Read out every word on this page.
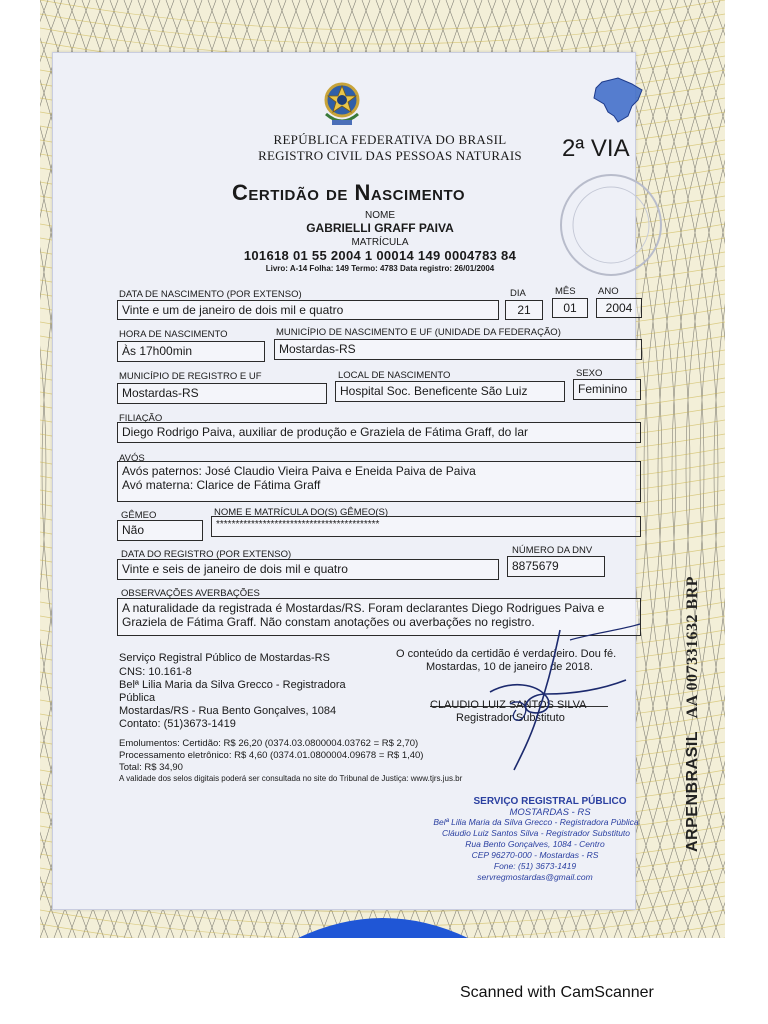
REPÚBLICA FEDERATIVA DO BRASIL
REGISTRO CIVIL DAS PESSOAS NATURAIS	2ª VIA
Certidão de Nascimento
NOME
GABRIELLI GRAFF PAIVA
MATRÍCULA
101618 01 55 2004 1 00014 149 0004783 84
Livro: A-14 Folha: 149 Termo: 4783 Data registro: 26/01/2004
DATA DE NASCIMENTO (POR EXTENSO)
Vinte e um de janeiro de dois mil e quatro
DIA
21
MÊS
01
ANO
2004
HORA DE NASCIMENTO
Às 17h00min
MUNICÍPIO DE NASCIMENTO E UF (UNIDADE DA FEDERAÇÃO)
Mostardas-RS
MUNICÍPIO DE REGISTRO E UF
Mostardas-RS
LOCAL DE NASCIMENTO
Hospital Soc. Beneficente São Luiz
SEXO
Feminino
FILIAÇÃO
Diego Rodrigo Paiva, auxiliar de produção e Graziela de Fátima Graff, do lar
AVÓS
Avós paternos: José Claudio Vieira Paiva e Eneida Paiva de Paiva
Avó materna: Clarice de Fátima Graff
GÊMEO
Não
NOME E MATRÍCULA DO(S) GÊMEO(S)
******************************************
DATA DO REGISTRO (POR EXTENSO)
Vinte e seis de janeiro de dois mil e quatro
NÚMERO DA DNV
8875679
OBSERVAÇÕES AVERBAÇÕES
A naturalidade da registrada é Mostardas/RS. Foram declarantes Diego Rodrigues Paiva e
Graziela de Fátima Graff. Não constam anotações ou averbações no registro.
Serviço Registral Público de Mostardas-RS
CNS: 10.161-8
Belª Lilia Maria da Silva Grecco - Registradora
Pública
Mostardas/RS - Rua Bento Gonçalves, 1084
Contato: (51)3673-1419
O conteúdo da certidão é verdadeiro. Dou fé.
Mostardas, 10 de janeiro de 2018.
CLAUDIO LUIZ SANTOS SILVA
Registrador Substituto
Emolumentos: Certidão: R$ 26,20 (0374.03.0800004.03762 = R$ 2,70)
Processamento eletrônico: R$ 4,60 (0374.01.0800004.09678 = R$ 1,40)
Total: R$ 34,90
A validade dos selos digitais poderá ser consultada no site do Tribunal de Justiça: www.tjrs.jus.br
SERVIÇO REGISTRAL PÚBLICO
MOSTARDAS - RS
Belª Lilia Maria da Silva Grecco - Registradora Pública
Cláudio Luiz Santos Silva - Registrador Substituto
Rua Bento Gonçalves, 1084 - Centro
CEP 96270-000 - Mostardas - RS
Fone: (51) 3673-1419
servregmostardas@gmail.com
ARPENBRASIL AA 007331632 BRP
Scanned with CamScanner
